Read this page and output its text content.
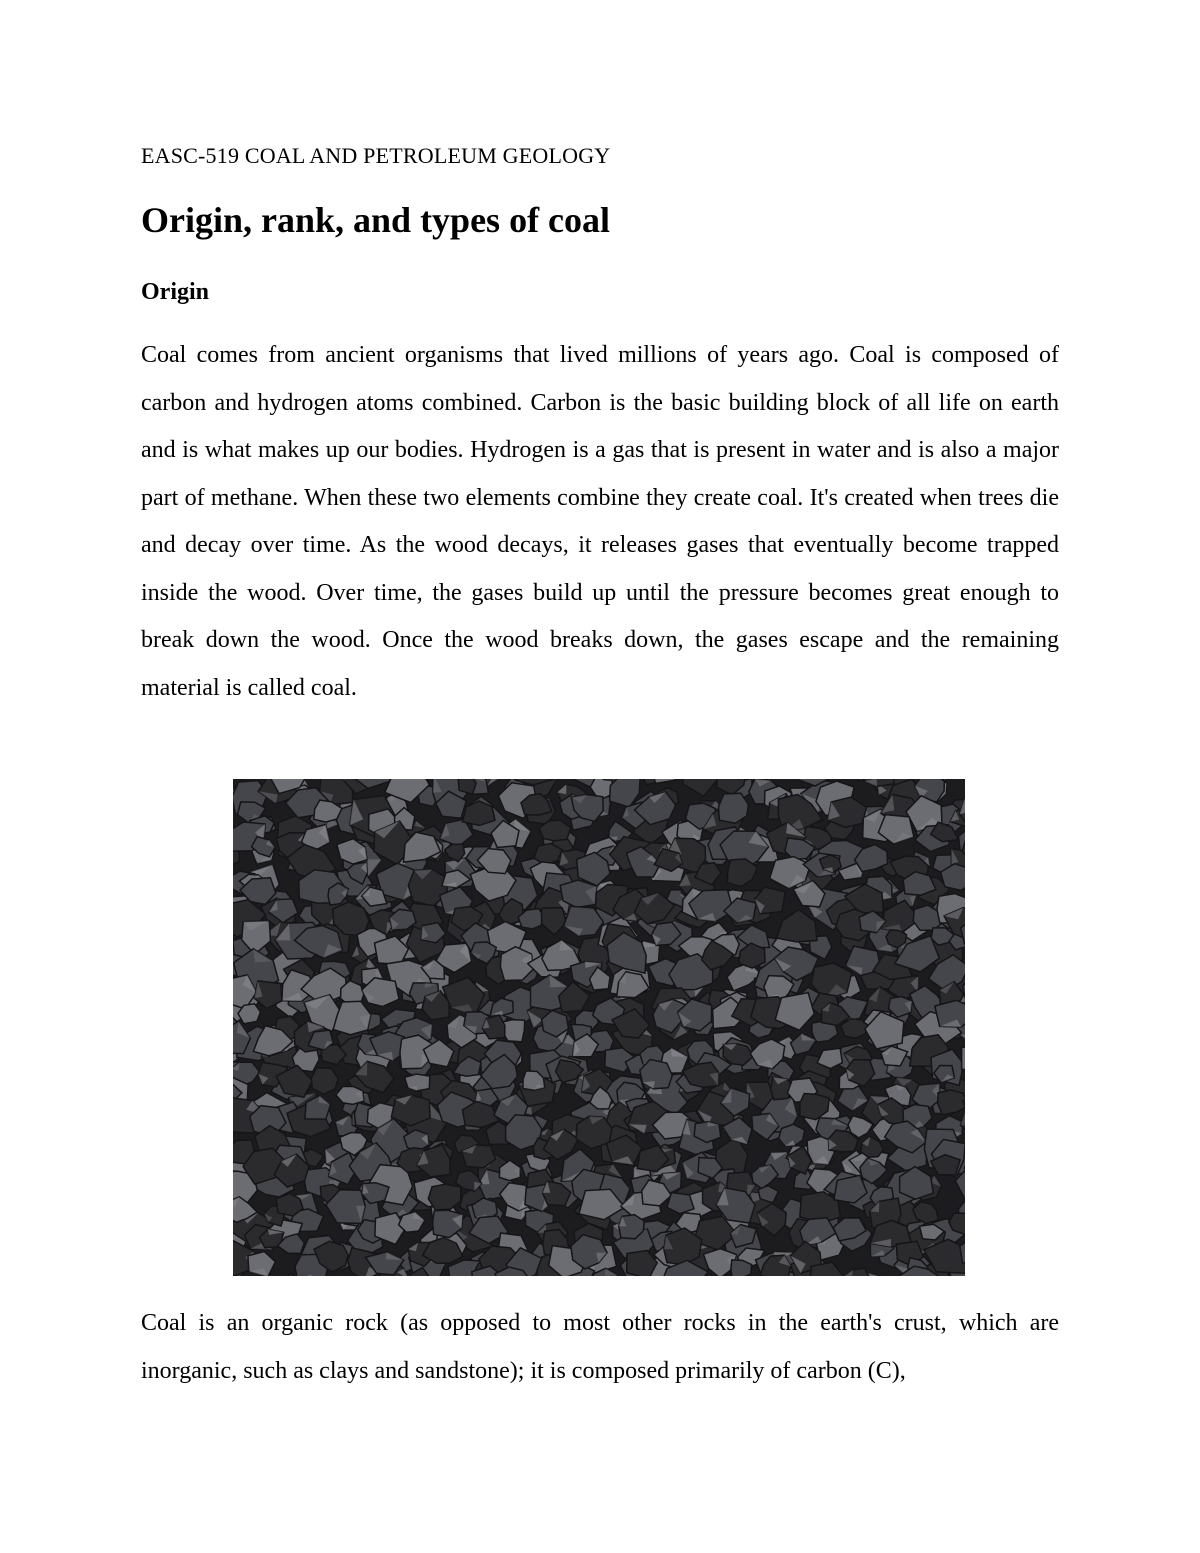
EASC-519 COAL AND PETROLEUM GEOLOGY
Origin, rank, and types of coal
Origin

Coal comes from ancient organisms that lived millions of years ago. Coal is composed of carbon and hydrogen atoms combined. Carbon is the basic building block of all life on earth and is what makes up our bodies. Hydrogen is a gas that is present in water and is also a major part of methane. When these two elements combine they create coal. It's created when trees die and decay over time. As the wood decays, it releases gases that eventually become trapped inside the wood. Over time, the gases build up until the pressure becomes great enough to break down the wood. Once the wood breaks down, the gases escape and the remaining material is called coal.

Coal is an organic rock (as opposed to most other rocks in the earth's crust, which are inorganic, such as clays and sandstone); it is composed primarily of carbon (C),
